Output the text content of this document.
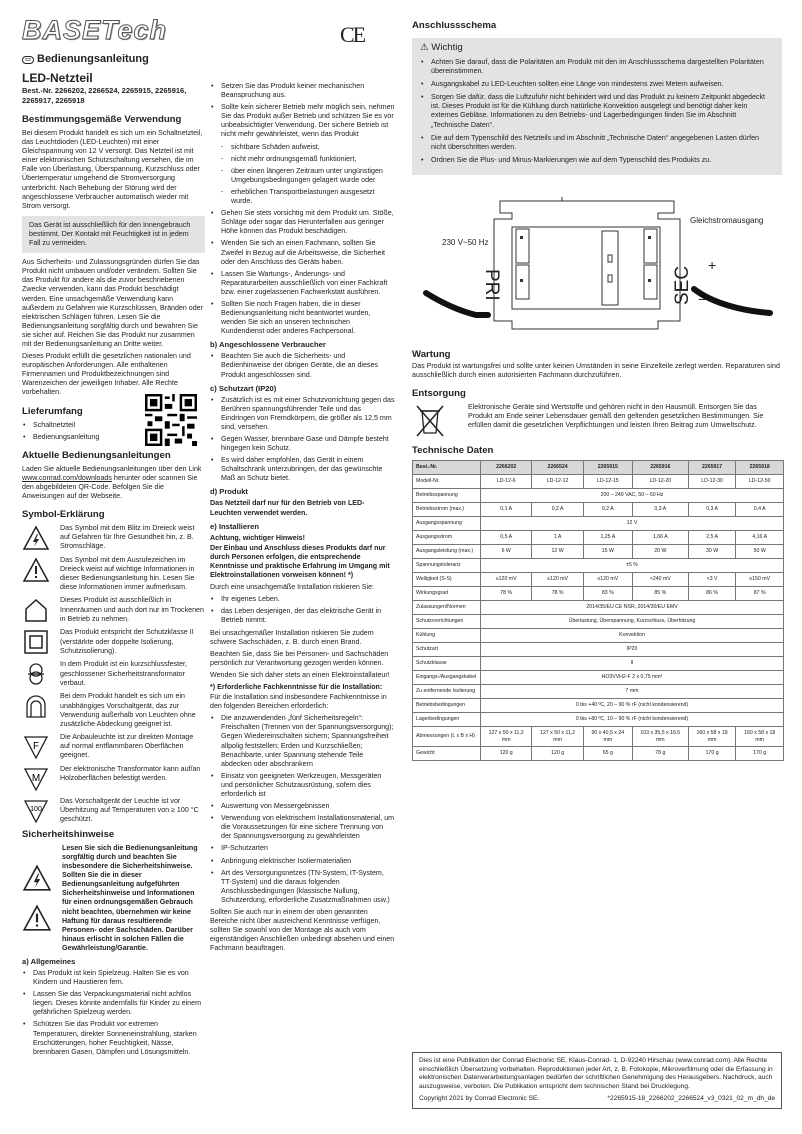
BASETech	CE
▭ Bedienungsanleitung
LED-Netzteil
Best.-Nr. 2266202, 2266524, 2265915, 2265916, 2265917, 2265918
Bestimmungsgemäße Verwendung

Bei diesem Produkt handelt es sich um ein Schaltnetzteil, das Leuchtdioden (LED-Leuchten) mit einer Gleichspannung von 12 V versorgt. Das Netzteil ist mit einer elektronischen Schutzschaltung versehen, die im Falle von Überlastung, Überspannung, Kurzschluss oder Übertemperatur umgehend die Stromversorgung unterbricht. Nach Behebung der Störung wird der angeschlossene Verbraucher automatisch wieder mit Strom versorgt.

Das Gerät ist ausschließlich für den Innengebrauch bestimmt. Der Kontakt mit Feuchtigkeit ist in jedem Fall zu vermeiden.

Aus Sicherheits- und Zulassungsgründen dürfen Sie das Produkt nicht umbauen und/oder verändern. Sollten Sie das Produkt für andere als die zuvor beschriebenen Zwecke verwenden, kann das Produkt beschädigt werden. Eine unsachgemäße Verwendung kann außerdem zu Gefahren wie Kurzschlüssen, Bränden oder elektrischen Schlägen führen. Lesen Sie die Bedienungsanleitung sorgfältig durch und bewahren Sie sie sicher auf. Reichen Sie das Produkt nur zusammen mit der Bedienungsanleitung an Dritte weiter.

Dieses Produkt erfüllt die gesetzlichen nationalen und europäischen Anforderungen. Alle enthaltenen Firmennamen und Produktbezeichnungen sind Warenzeichen der jeweiligen Inhaber. Alle Rechte vorbehalten.

Lieferumfang
• Schaltnetzteil
• Bedienungsanleitung
Aktuelle Bedienungsanleitungen

Laden Sie aktuelle Bedienungsanleitungen über den Link www.conrad.com/downloads herunter oder scannen Sie den abgebildeten QR-Code. Befolgen Sie die Anweisungen auf der Webseite.

Symbol-Erklärung
Das Symbol mit dem Blitz im Dreieck weist auf Gefahren für Ihre Gesundheit hin, z. B. Stromschläge.
Das Symbol mit dem Ausrufezeichen im Dreieck weist auf wichtige Informationen in dieser Bedienungsanleitung hin. Lesen Sie diese Informationen immer aufmerksam.
Dieses Produkt ist ausschließlich in Innenräumen und auch dort nur im Trockenen in Betrieb zu nehmen.
Das Produkt entspricht der Schutzklasse II (verstärkte oder doppelte Isolierung, Schutzisolierung).
In dem Produkt ist ein kurzschlussfester, geschlossener Sicherheitstransformator verbaut.
Bei dem Produkt handelt es sich um ein unabhängiges Vorschaltgerät, das zur Verwendung außerhalb von Leuchten ohne zusätzliche Abdeckung geeignet ist.
F
Die Anbauleuchte ist zur direkten Montage auf normal entflammbaren Oberflächen geeignet.
M
Der elektronische Transformator kann auf/an Holzoberflächen befestigt werden.
100
Das Vorschaltgerät der Leuchte ist vor Überhitzung auf Temperaturen von ≥ 100 °C geschützt.
Sicherheitshinweise
Lesen Sie sich die Bedienungsanleitung sorgfältig durch und beachten Sie insbesondere die Sicherheitshinweise. Sollten Sie die in dieser Bedienungsanleitung aufgeführten Sicherheitshinweise und Informationen für einen ordnungsgemäßen Gebrauch nicht beachten, übernehmen wir keine Haftung für daraus resultierende Personen- oder Sachschäden. Darüber hinaus erlischt in solchen Fällen die Gewährleistung/Garantie.
a) Allgemeines
• Das Produkt ist kein Spielzeug. Halten Sie es von Kindern und Haustieren fern.
• Lassen Sie das Verpackungsmaterial nicht achtlos liegen. Dieses könnte andernfalls für Kinder zu einem gefährlichen Spielzeug werden.
• Schützen Sie das Produkt vor extremen Temperaturen, direkter Sonneneinstrahlung, starken Erschütterungen, hoher Feuchtigkeit, Nässe, brennbaren Gasen, Dämpfen und Lösungsmitteln.
• Setzen Sie das Produkt keiner mechanischen Beanspruchung aus.
• Sollte kein sicherer Betrieb mehr möglich sein, nehmen Sie das Produkt außer Betrieb und schützen Sie es vor unbeabsichtigter Verwendung. Der sichere Betrieb ist nicht mehr gewährleistet, wenn das Produkt
- sichtbare Schäden aufweist,
- nicht mehr ordnungsgemäß funktioniert,
- über einen längeren Zeitraum unter ungünstigen Umgebungsbedingungen gelagert wurde oder
- erheblichen Transportbelastungen ausgesetzt wurde.
• Gehen Sie stets vorsichtig mit dem Produkt um. Stöße, Schläge oder sogar das Herunterfallen aus geringer Höhe können das Produkt beschädigen.
• Wenden Sie sich an einen Fachmann, sollten Sie Zweifel in Bezug auf die Arbeitsweise, die Sicherheit oder den Anschluss des Geräts haben.
• Lassen Sie Wartungs-, Änderungs- und Reparaturarbeiten ausschließlich von einer Fachkraft bzw. einer zugelassenen Fachwerkstatt ausführen.
• Sollten Sie noch Fragen haben, die in dieser Bedienungsanleitung nicht beantwortet wurden, wenden Sie sich an unseren technischen Kundendienst oder anderes Fachpersonal.
b) Angeschlossene Verbraucher
• Beachten Sie auch die Sicherheits- und Bedienhinweise der übrigen Geräte, die an dieses Produkt angeschlossen sind.
c) Schutzart (IP20)
• Zusätzlich ist es mit einer Schutzvorrichtung gegen das Berühren spannungsführender Teile und das Eindringen von Fremdkörpern, die größer als 12,5 mm sind, versehen.
• Gegen Wasser, brennbare Gase und Dämpfe besteht hingegen kein Schutz.
• Es wird daher empfohlen, das Gerät in einem Schaltschrank unterzubringen, der das gewünschte Maß an Schutz bietet.
d) Produkt

Das Netzteil darf nur für den Betrieb von LED-Leuchten verwendet werden.

e) Installieren

Achtung, wichtiger Hinweis!

Der Einbau und Anschluss dieses Produkts darf nur durch Personen erfolgen, die entsprechende Kenntnisse und praktische Erfahrung im Umgang mit Elektroinstallationen vorweisen können! *)

Durch eine unsachgemäße Installation riskieren Sie:

• Ihr eigenes Leben.
• das Leben desjenigen, der das elektrische Gerät in Betrieb nimmt.

Bei unsachgemäßer Installation riskieren Sie zudem schwere Sachschäden, z. B. durch einen Brand.

Beachten Sie, dass Sie bei Personen- und Sachschäden persönlich zur Verantwortung gezogen werden können.

Wenden Sie sich daher stets an einen Elektroinstallateur!

*) Erforderliche Fachkenntnisse für die Installation:

Für die Installation sind insbesondere Fachkenntnisse in den folgenden Bereichen erforderlich:

• Die anzuwendenden „fünf Sicherheitsregeln“: Freischalten (Trennen von der Spannungsversorgung); Gegen Wiedereinschalten sichern; Spannungsfreiheit allpolig feststellen; Erden und Kurzschließen; Benachbarte, unter Spannung stehende Teile abdecken oder abschrankern
• Einsatz von geeigneten Werkzeugen, Messgeräten und persönlicher Schutzausrüstung, sofern dies erforderlich ist
• Auswertung von Messergebnissen
• Verwendung von elektrischem Installationsmaterial, um die Voraussetzungen für eine sichere Trennung von der Spannungsversorgung zu gewährleisten
• IP-Schutzarten
• Anbringung elektrischer Isoliermaterialien
• Art des Versorgungsnetzes (TN-System, IT-System, TT-System) und die daraus folgenden Anschlussbedingungen (klassische Nullung, Schutzerdung, erforderliche Zusatzmaßnahmen usw.)

Sollten Sie auch nur in einem der oben genannten Bereiche nicht über ausreichend Kenntnisse verfügen, sollten Sie sowohl von der Montage als auch vom eigenständigen Anschließen unbedingt absehen und einen Fachmann beauftragen.

Anschlussschema
⚠ Wichtig
• Achten Sie darauf, dass die Polaritäten am Produkt mit den im Anschlussschema dargestellten Polaritäten übereinstimmen.
• Ausgangskabel zu LED-Leuchten sollten eine Länge von mindestens zwei Metern aufweisen.
• Sorgen Sie dafür, dass die Luftzufuhr nicht behindert wird und das Produkt zu keinem Zeitpunkt abgedeckt ist. Dieses Produkt ist für die Kühlung durch natürliche Konvektion ausgelegt und benötigt daher kein externes Gebläse. Informationen zu den Betriebs- und Lagerbedingungen finden Sie im Abschnitt „Technische Daten“.
• Die auf dem Typenschild des Netzteils und im Abschnitt „Technische Daten“ angegebenen Lasten dürfen nicht überschritten werden.
• Ordnen Sie die Plus- und Minus-Markierungen wie auf dem Typenschild des Produkts zu.
230 V~50 Hz
Gleichstromausgang
PRI	SEC
+
−
Wartung

Das Produkt ist wartungsfrei und sollte unter keinen Umständen in seine Einzelteile zerlegt werden. Reparaturen sind ausschließlich durch einen autorisierten Fachmann durchzuführen.

Entsorgung
Elektronische Geräte sind Wertstoffe und gehören nicht in den Hausmüll. Entsorgen Sie das Produkt am Ende seiner Lebensdauer gemäß den geltenden gesetzlichen Bestimmungen. Sie erfüllen damit die gesetzlichen Verpflichtungen und leisten Ihren Beitrag zum Umweltschutz.
Technische Daten
Best.-Nr.	2266202	2266524	2265915	2265916	2265917	2265918
Modell-Nr.	LD-12-6	LD-12-12	LD-12-15	LD-12-20	LD-12-30	LD-12-50
Betriebsspannung	200 – 240 VAC, 50 – 60 Hz					
Betriebsstrom (max.)	0,1 A	0,2 A	0,2 A	0,3 A	0,3 A	0,4 A
Ausgangsspannung	12 V					
Ausgangsstrom	0,5 A	1 A	1,25 A	1,66 A	2,5 A	4,16 A
Ausgangsleistung (max.)	6 W	12 W	15 W	20 W	30 W	50 W
Spannungstoleranz	±5 %					
Welligkeit (S-S)	≤120 mV	≤120 mV	≤120 mV	<240 mV	<3 V	≤150 mV
Wirkungsgrad	78 %	78 %	83 %	85 %	86 %	87 %
Zulassungen/Normen	2014/35/EU CE NSR, 2014/30/EU EMV					
Schutzvorrichtungen	Überlastung, Überspannung, Kurzschluss, Überhitzung					
Kühlung	Konvektion					
Schutzart	IP20					
Schutzklasse	II					
Eingangs-/Ausgangskabel	HO3VVH2-F 2 x 0,75 mm²					
Zu entfernende Isolierung	7 mm					
Betriebsbedingungen	0 bis +40 ºC, 20 – 90 % rF (nicht kondensierend)					
Lagerbedingungen	0 bis +80 ºC, 10 – 90 % rF (nicht kondensierend)					
Abmessungen (L x B x H)	127 x 50 x 11,2 mm	127 x 50 x 11,2 mm	90 x 40,5 x 24 mm	103 x 35,5 x 16,5 mm	160 x 58 x 18 mm	160 x 58 x 18 mm
Gewicht	120 g	120 g	65 g	78 g	170 g	170 g
Dies ist eine Publikation der Conrad Electronic SE, Klaus-Conrad- 1, D-92240 Hirschau (www.conrad.com). Alle Rechte einschließlich Übersetzung vorbehalten. Reproduktionen jeder Art, z. B. Fotokopie, Mikroverfilmung oder die Erfassung in elektronischen Datenverarbeitungsanlagen bedürfen der schriftlichen Genehmigung des Herausgebers. Nachdruck, auch auszugsweise, verboten. Die Publikation entspricht dem technischen Stand bei Drucklegung.
Copyright 2021 by Conrad Electronic SE.	*2265915-18_2266202_2266524_v3_0321_02_m_dh_de
